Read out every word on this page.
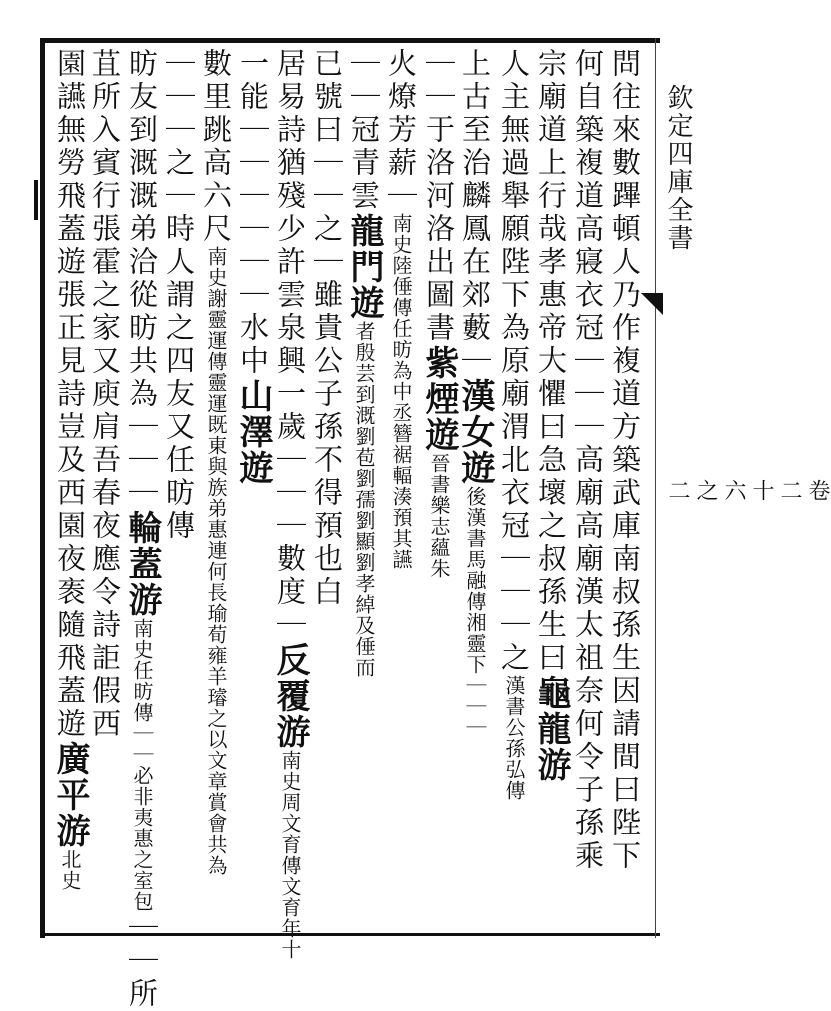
欽定四庫全書
卷二十六之二
問往來數蹕頓人乃作複道方築武庫南叔孫生因請間曰陛下
何自築複道高寢衣冠｜｜｜高廟高廟漢太祖奈何令子孫乘
宗廟道上行哉孝惠帝大懼曰急壞之叔孫生曰龜龍游
人主無過舉願陛下為原廟渭北衣冠｜｜｜之漢書公孫弘傳
上古至治麟鳳在郊藪｜漢女遊後漢書馬融傳湘靈下｜｜｜
｜｜于洛河洛出圖書紫煙遊晉書樂志蘊朱
火燎芳薪｜南史陸倕傳任昉為中丞簪裾輻湊預其讌
｜｜冠青雲龍門遊者殷芸到溉劉苞劉孺劉顯劉孝綽及倕而
已號曰｜｜之｜雖貴公子孫不得預也白
居易詩猶殘少許雲泉興一歲｜｜｜數度｜反覆游南史周文育傳文育年十
一能｜｜｜｜｜｜水中山澤遊
數里跳高六尺南史謝靈運傳靈運既東與族弟惠連何長瑜荀雍羊璿之以文章賞會共為
｜｜｜之｜時人謂之四友又任昉傳
昉友到溉溉弟洽從昉共為｜｜｜輪蓋游南史任昉傳｜｜必非夷惠之室包｜｜所
苴所入賓行張霍之家又庾肩吾春夜應令詩詎假西
園讌無勞飛蓋遊張正見詩豈及西園夜袠隨飛蓋遊廣平游北史
